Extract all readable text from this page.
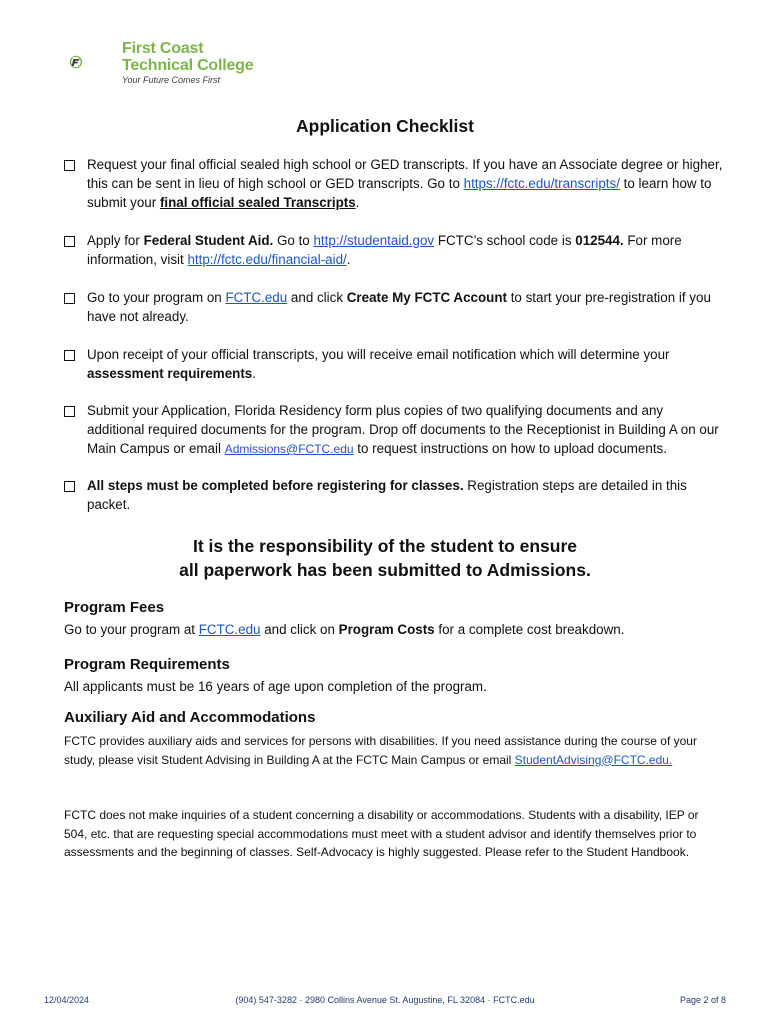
First Coast
Technical College
Your Future Comes First
Application Checklist
Request your final official sealed high school or GED transcripts. If you have an Associate degree or higher, this can be sent in lieu of high school or GED transcripts. Go to https://fctc.edu/transcripts/ to learn how to submit your final official sealed Transcripts.
Apply for Federal Student Aid. Go to http://studentaid.gov FCTC’s school code is 012544. For more information, visit http://fctc.edu/financial-aid/.
Go to your program on FCTC.edu and click Create My FCTC Account to start your pre-registration if you have not already.
Upon receipt of your official transcripts, you will receive email notification which will determine your assessment requirements.
Submit your Application, Florida Residency form plus copies of two qualifying documents and any additional required documents for the program. Drop off documents to the Receptionist in Building A on our Main Campus or email Admissions@FCTC.edu to request instructions on how to upload documents.
All steps must be completed before registering for classes. Registration steps are detailed in this packet.
It is the responsibility of the student to ensure
all paperwork has been submitted to Admissions.
Program Fees
Go to your program at FCTC.edu and click on Program Costs for a complete cost breakdown.
Program Requirements
All applicants must be 16 years of age upon completion of the program.
Auxiliary Aid and Accommodations
FCTC provides auxiliary aids and services for persons with disabilities. If you need assistance during the course of your study, please visit Student Advising in Building A at the FCTC Main Campus or email StudentAdvising@FCTC.edu.
FCTC does not make inquiries of a student concerning a disability or accommodations. Students with a disability, IEP or 504, etc. that are requesting special accommodations must meet with a student advisor and identify themselves prior to assessments and the beginning of classes. Self-Advocacy is highly suggested. Please refer to the Student Handbook.
12/04/2024	(904) 547-3282 · 2980 Collins Avenue St. Augustine, FL 32084 · FCTC.edu	Page 2 of 8
